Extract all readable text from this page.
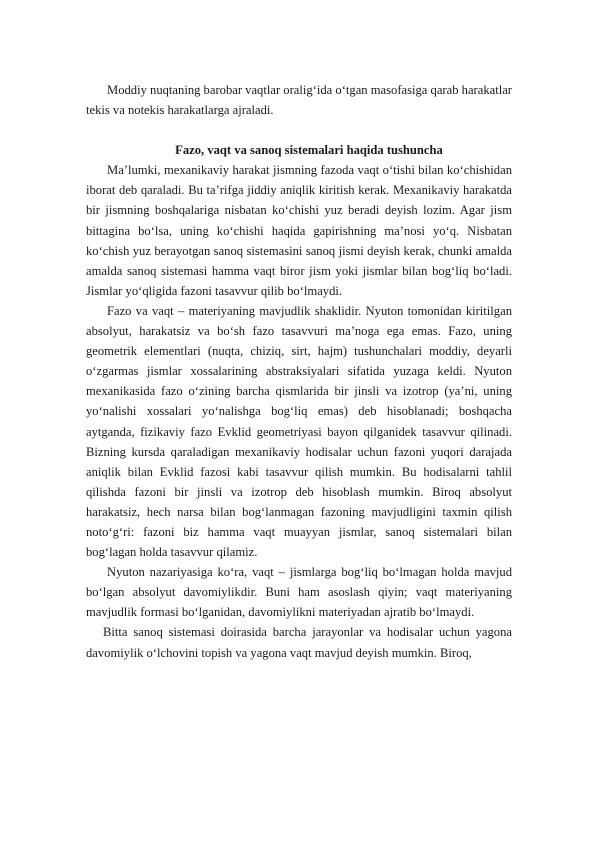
Moddiy nuqtaning barobar vaqtlar oralig‘ida o‘tgan masofasiga qarab harakatlar tekis va notekis harakatlarga ajraladi.

Fazo, vaqt va sanoq sistemalari haqida tushuncha

Ma’lumki, mexanikaviy harakat jismning fazoda vaqt o‘tishi bilan ko‘chishidan iborat deb qaraladi. Bu ta’rifga jiddiy aniqlik kiritish kerak. Mexanikaviy harakatda bir jismning boshqalariga nisbatan ko‘chishi yuz beradi deyish lozim. Agar jism bittagina bo‘lsa, uning ko‘chishi haqida gapirishning ma’nosi yo‘q. Nisbatan ko‘chish yuz berayotgan sanoq sistemasini sanoq jismi deyish kerak, chunki amalda amalda sanoq sistemasi hamma vaqt biror jism yoki jismlar bilan bog‘liq bo‘ladi. Jismlar yo‘qligida fazoni tasavvur qilib bo‘lmaydi.

Fazo va vaqt – materiyaning mavjudlik shaklidir. Nyuton tomonidan kiritilgan absolyut, harakatsiz va bo‘sh fazo tasavvuri ma’noga ega emas. Fazo, uning geometrik elementlari (nuqta, chiziq, sirt, hajm) tushunchalari moddiy, deyarli o‘zgarmas jismlar xossalarining abstraksiyalari sifatida yuzaga keldi. Nyuton mexanikasida fazo o‘zining barcha qismlarida bir jinsli va izotrop (ya’ni, uning yo‘nalishi xossalari yo‘nalishga bog‘liq emas) deb hisoblanadi; boshqacha aytganda, fizikaviy fazo Evklid geometriyasi bayon qilganidek tasavvur qilinadi. Bizning kursda qaraladigan mexanikaviy hodisalar uchun fazoni yuqori darajada aniqlik bilan Evklid fazosi kabi tasavvur qilish mumkin. Bu hodisalarni tahlil qilishda fazoni bir jinsli va izotrop deb hisoblash mumkin. Biroq absolyut harakatsiz, hech narsa bilan bog‘lanmagan fazoning mavjudligini taxmin qilish noto‘g‘ri: fazoni biz hamma vaqt muayyan jismlar, sanoq sistemalari bilan bog‘lagan holda tasavvur qilamiz.

Nyuton nazariyasiga ko‘ra, vaqt – jismlarga bog‘liq bo‘lmagan holda mavjud bo‘lgan absolyut davomiylikdir. Buni ham asoslash qiyin; vaqt materiyaning mavjudlik formasi bo‘lganidan, davomiylikni materiyadan ajratib bo‘lmaydi.

Bitta sanoq sistemasi doirasida barcha jarayonlar va hodisalar uchun yagona davomiylik o‘lchovini topish va yagona vaqt mavjud deyish mumkin. Biroq,
